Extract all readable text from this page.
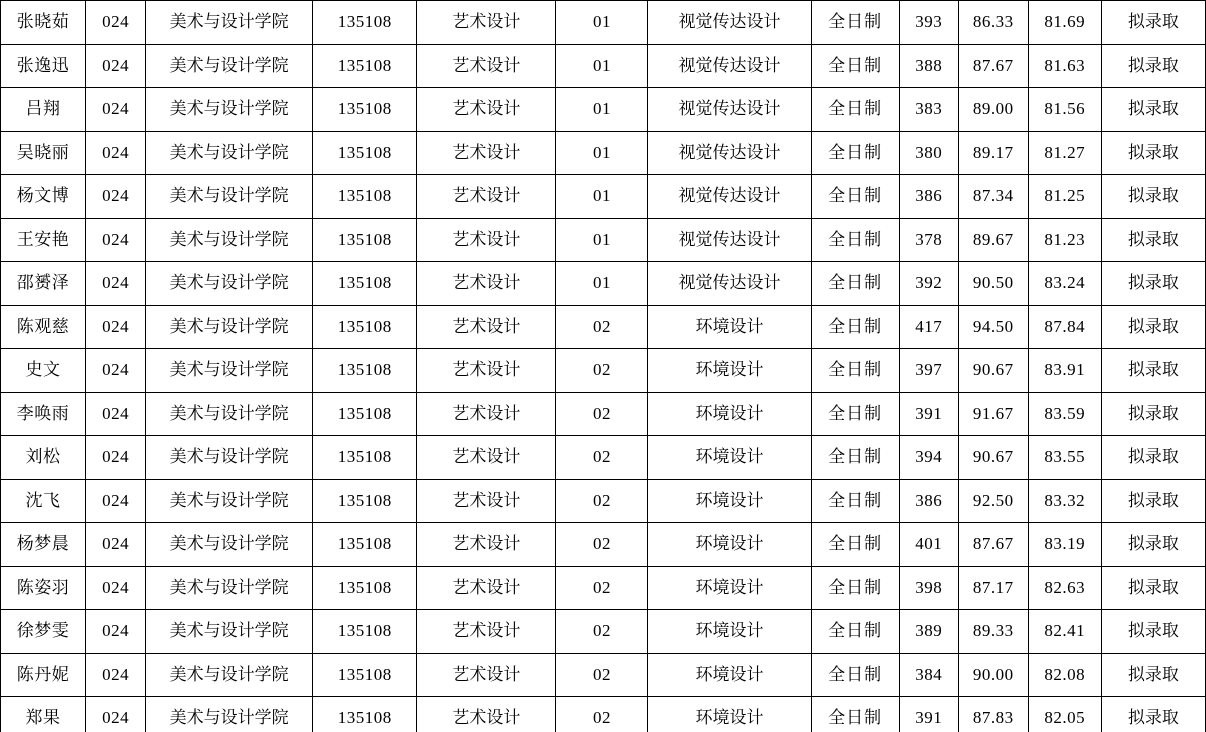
张晓茹	024	美术与设计学院	135108	艺术设计	01	视觉传达设计	全日制	393	86.33	81.69	拟录取
张逸迅	024	美术与设计学院	135108	艺术设计	01	视觉传达设计	全日制	388	87.67	81.63	拟录取
吕翔	024	美术与设计学院	135108	艺术设计	01	视觉传达设计	全日制	383	89.00	81.56	拟录取
吴晓丽	024	美术与设计学院	135108	艺术设计	01	视觉传达设计	全日制	380	89.17	81.27	拟录取
杨文博	024	美术与设计学院	135108	艺术设计	01	视觉传达设计	全日制	386	87.34	81.25	拟录取
王安艳	024	美术与设计学院	135108	艺术设计	01	视觉传达设计	全日制	378	89.67	81.23	拟录取
邵赟泽	024	美术与设计学院	135108	艺术设计	01	视觉传达设计	全日制	392	90.50	83.24	拟录取
陈观慈	024	美术与设计学院	135108	艺术设计	02	环境设计	全日制	417	94.50	87.84	拟录取
史文	024	美术与设计学院	135108	艺术设计	02	环境设计	全日制	397	90.67	83.91	拟录取
李唤雨	024	美术与设计学院	135108	艺术设计	02	环境设计	全日制	391	91.67	83.59	拟录取
刘松	024	美术与设计学院	135108	艺术设计	02	环境设计	全日制	394	90.67	83.55	拟录取
沈飞	024	美术与设计学院	135108	艺术设计	02	环境设计	全日制	386	92.50	83.32	拟录取
杨梦晨	024	美术与设计学院	135108	艺术设计	02	环境设计	全日制	401	87.67	83.19	拟录取
陈姿羽	024	美术与设计学院	135108	艺术设计	02	环境设计	全日制	398	87.17	82.63	拟录取
徐梦雯	024	美术与设计学院	135108	艺术设计	02	环境设计	全日制	389	89.33	82.41	拟录取
陈丹妮	024	美术与设计学院	135108	艺术设计	02	环境设计	全日制	384	90.00	82.08	拟录取
郑果	024	美术与设计学院	135108	艺术设计	02	环境设计	全日制	391	87.83	82.05	拟录取
